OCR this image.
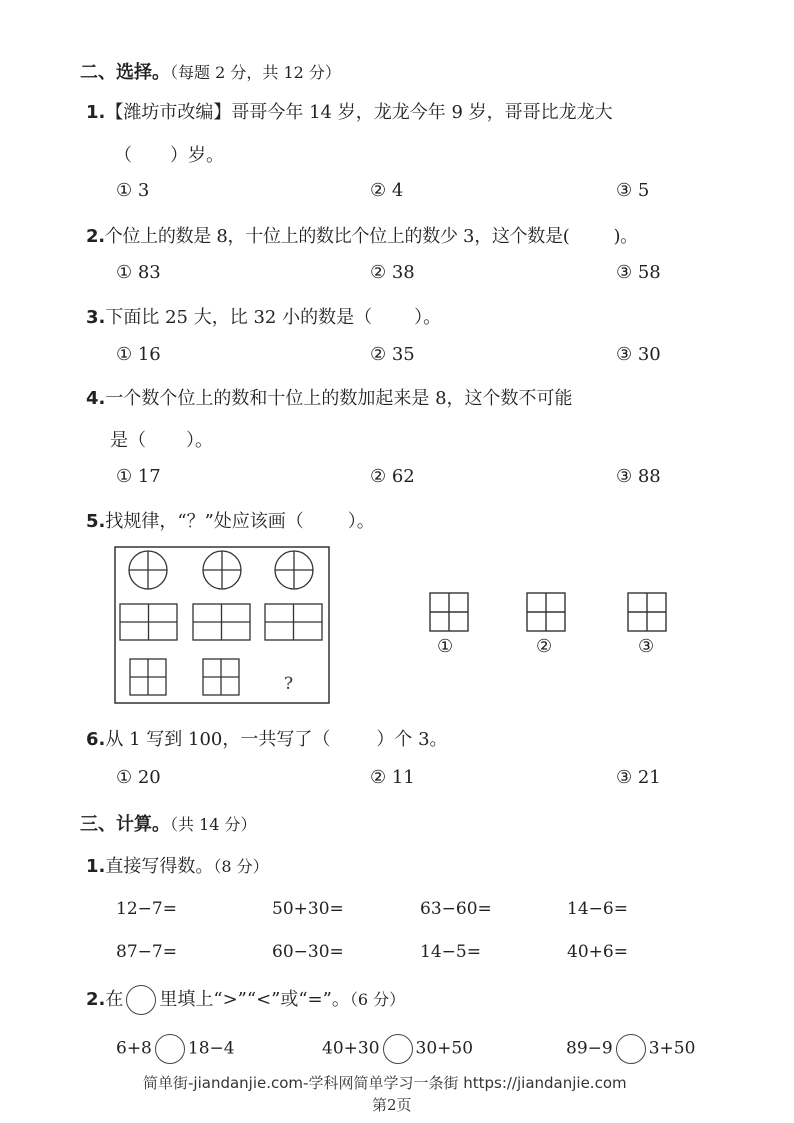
二、选择。（每题 2 分，共 12 分）
1.【潍坊市改编】哥哥今年 14 岁，龙龙今年 9 岁，哥哥比龙龙大
（ ）岁。
① 3	② 4	③ 5
2.个位上的数是 8，十位上的数比个位上的数少 3，这个数是( )。
① 83	② 38	③ 58
3.下面比 25 大，比 32 小的数是（ ）。
① 16	② 35	③ 30
4.一个数个位上的数和十位上的数加起来是 8，这个数不可能
是（ ）。
① 17	② 62	③ 88
5.找规律，“？”处应该画（ ）。
?
①	②	③
6.从 1 写到 100，一共写了（	）个 3。
① 20	② 11	③ 21
三、计算。（共 14 分）
1.直接写得数。（8 分）
12−7=	50+30=	63−60=	14−6=
87−7=	60−30=	14−5=	40+6=
2.在 里填上“>”“<”或“=”。（6 分）
6+8 18−4	40+30 30+50	89−9 3+50
简单街-jiandanjie.com-学科网简单学习一条街 https://jiandanjie.com
第2页
